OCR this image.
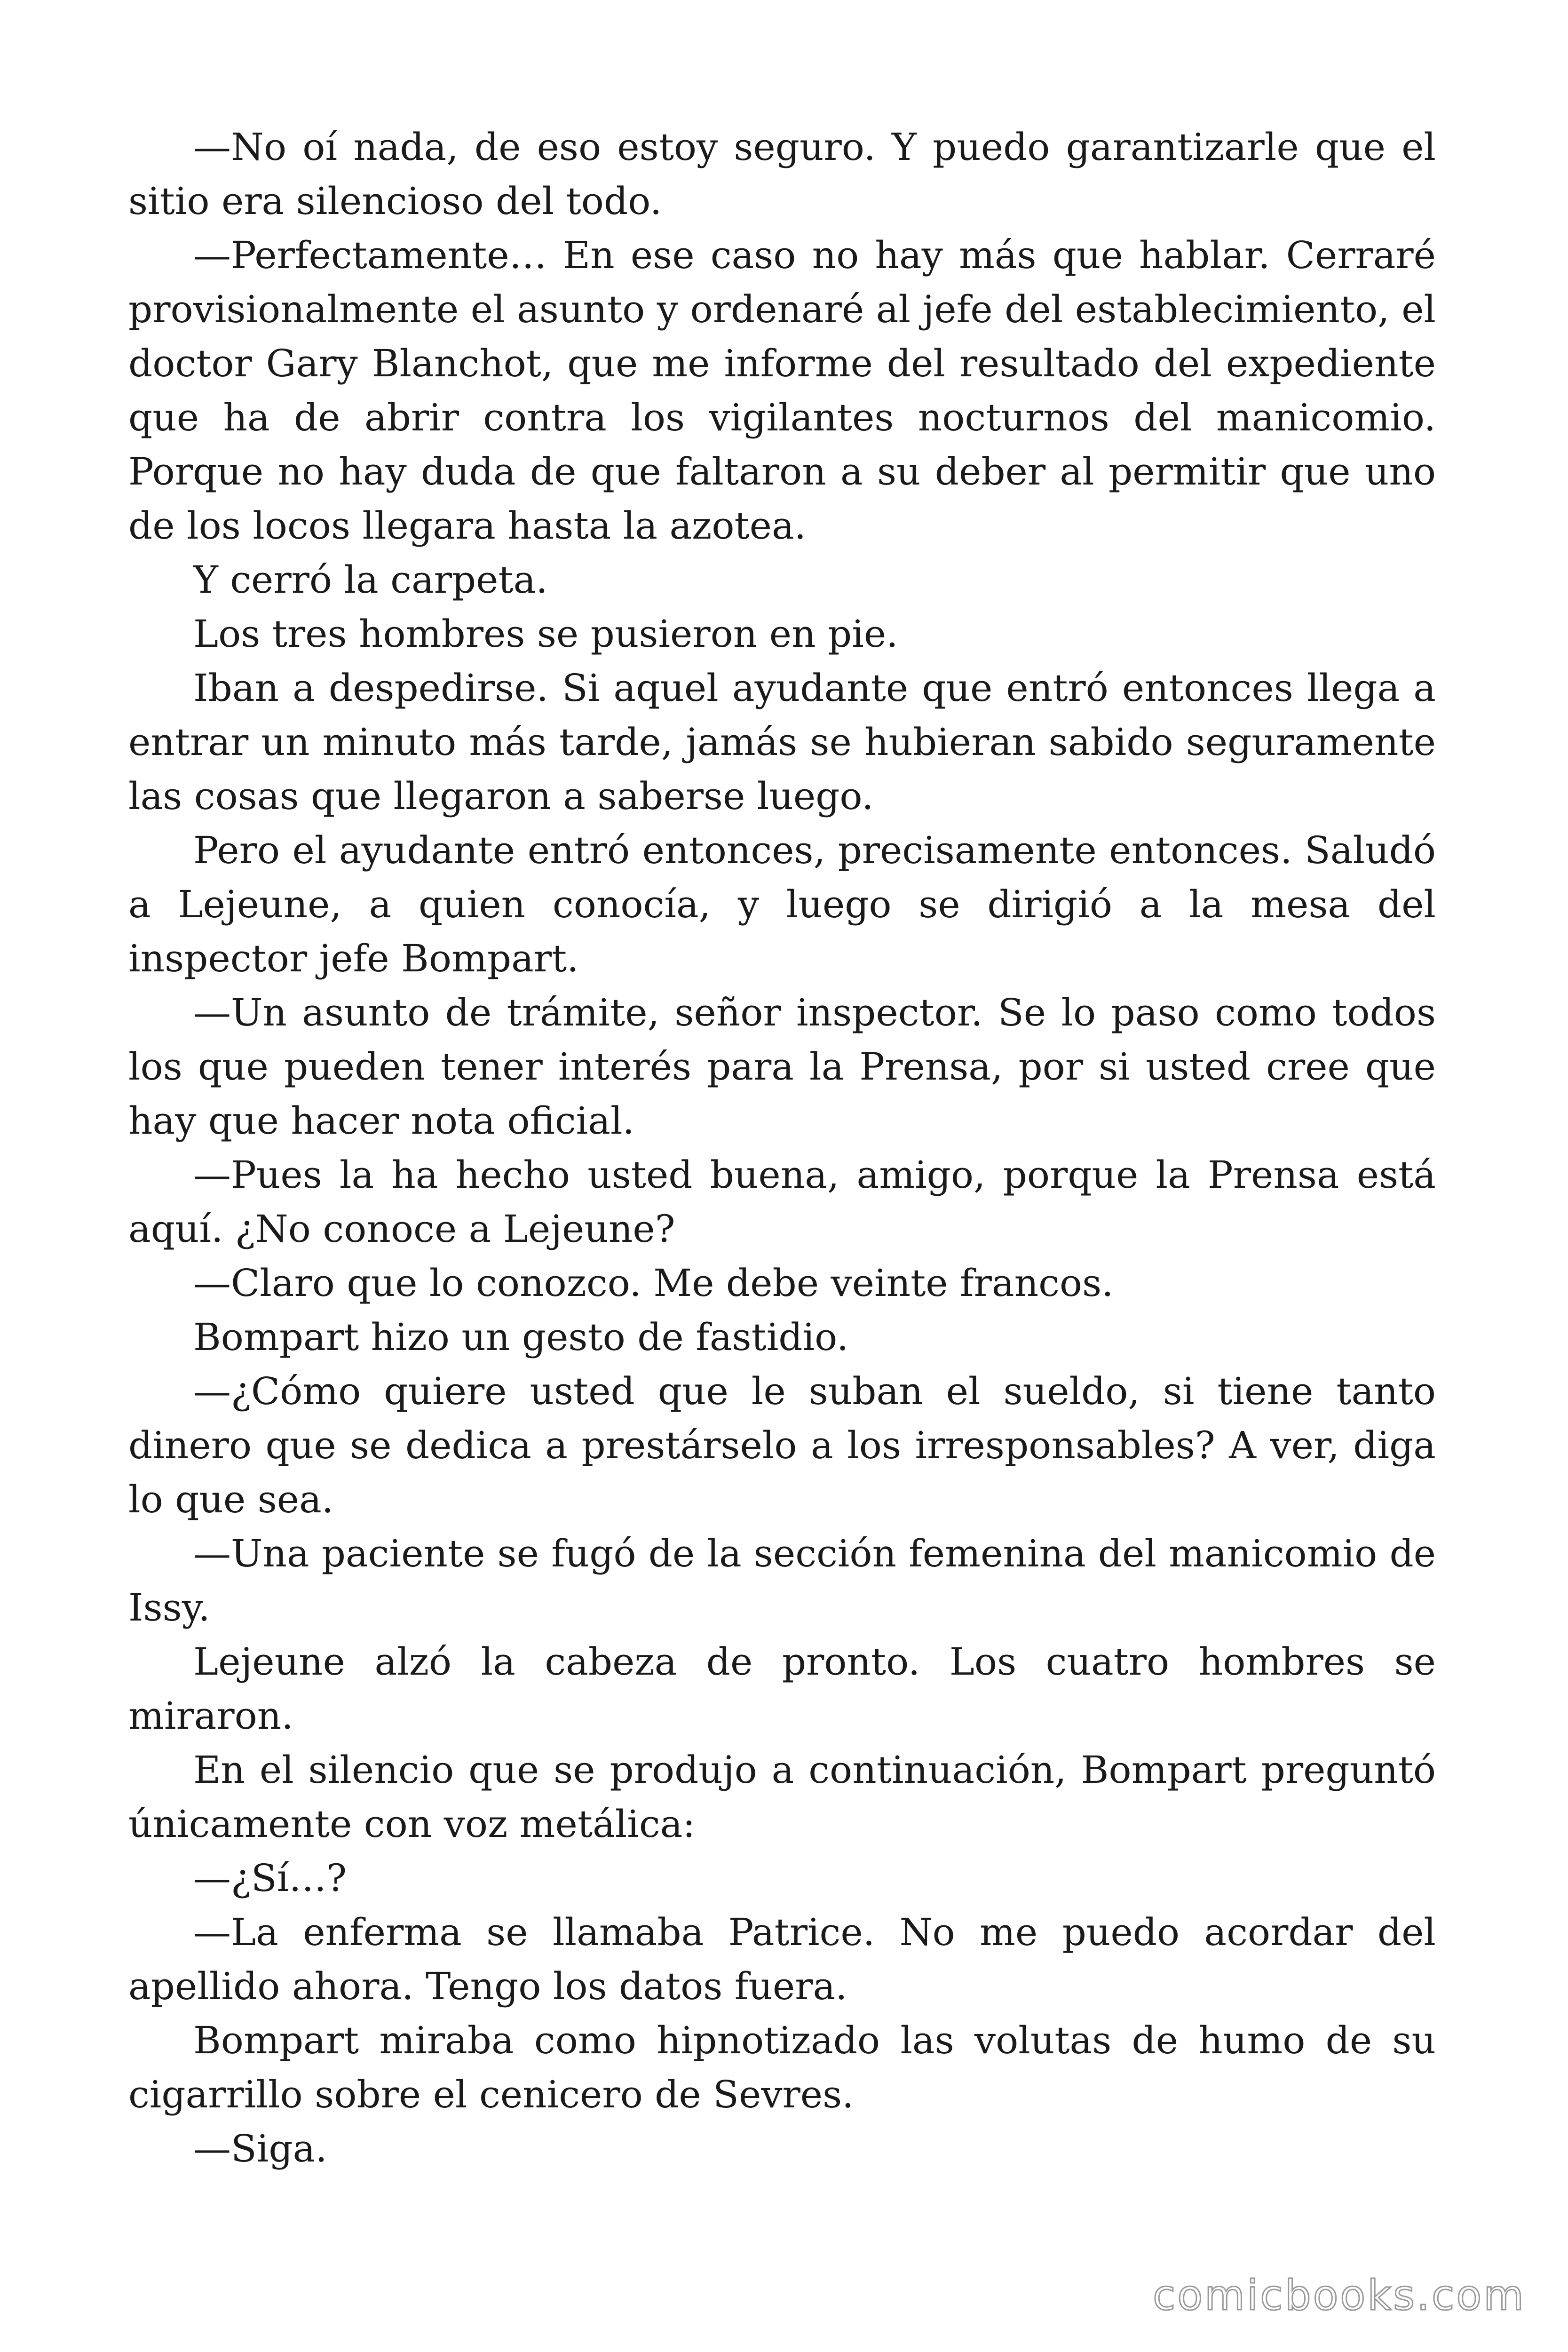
—No oí nada, de eso estoy seguro. Y puedo garantizarle que el sitio era silencioso del todo.

—Perfectamente… En ese caso no hay más que hablar. Cerraré provisionalmente el asunto y ordenaré al jefe del establecimiento, el doctor Gary Blanchot, que me informe del resultado del expediente que ha de abrir contra los vigilantes nocturnos del manicomio. Porque no hay duda de que faltaron a su deber al permitir que uno de los locos llegara hasta la azotea.

Y cerró la carpeta.

Los tres hombres se pusieron en pie.

Iban a despedirse. Si aquel ayudante que entró entonces llega a entrar un minuto más tarde, jamás se hubieran sabido seguramente las cosas que llegaron a saberse luego.

Pero el ayudante entró entonces, precisamente entonces. Saludó a Lejeune, a quien conocía, y luego se dirigió a la mesa del inspector jefe Bompart.

—Un asunto de trámite, señor inspector. Se lo paso como todos los que pueden tener interés para la Prensa, por si usted cree que hay que hacer nota oficial.

—Pues la ha hecho usted buena, amigo, porque la Prensa está aquí. ¿No conoce a Lejeune?

—Claro que lo conozco. Me debe veinte francos.

Bompart hizo un gesto de fastidio.

—¿Cómo quiere usted que le suban el sueldo, si tiene tanto dinero que se dedica a prestárselo a los irresponsables? A ver, diga lo que sea.

—Una paciente se fugó de la sección femenina del manicomio de Issy.

Lejeune alzó la cabeza de pronto. Los cuatro hombres se miraron.

En el silencio que se produjo a continuación, Bompart preguntó únicamente con voz metálica:

—¿Sí…?

—La enferma se llamaba Patrice. No me puedo acordar del apellido ahora. Tengo los datos fuera.

Bompart miraba como hipnotizado las volutas de humo de su cigarrillo sobre el cenicero de Sevres.

—Siga.

comicbooks.com
